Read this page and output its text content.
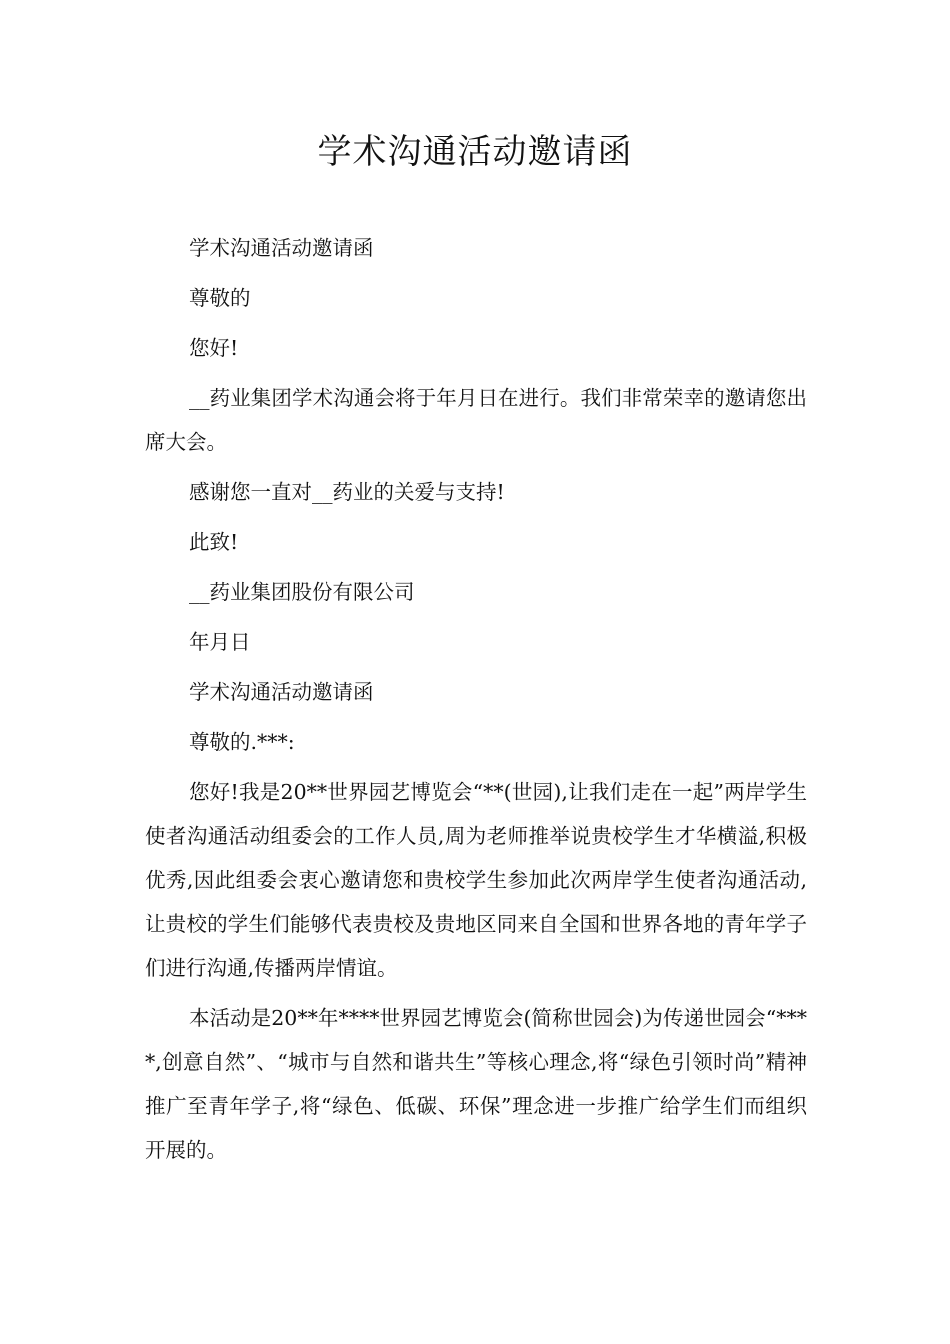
学术沟通活动邀请函

学术沟通活动邀请函

尊敬的

您好!

__药业集团学术沟通会将于年月日在进行。我们非常荣幸的邀请您出席大会。

感谢您一直对__药业的关爱与支持!

此致!

__药业集团股份有限公司

年月日

学术沟通活动邀请函

尊敬的.***:

您好!我是20**世界园艺博览会“**(世园),让我们走在一起”两岸学生使者沟通活动组委会的工作人员,周为老师推举说贵校学生才华横溢,积极优秀,因此组委会衷心邀请您和贵校学生参加此次两岸学生使者沟通活动,让贵校的学生们能够代表贵校及贵地区同来自全国和世界各地的青年学子们进行沟通,传播两岸情谊。

本活动是20**年****世界园艺博览会(简称世园会)为传递世园会“****,创意自然”、“城市与自然和谐共生”等核心理念,将“绿色引领时尚”精神推广至青年学子,将“绿色、低碳、环保”理念进一步推广给学生们而组织开展的。
